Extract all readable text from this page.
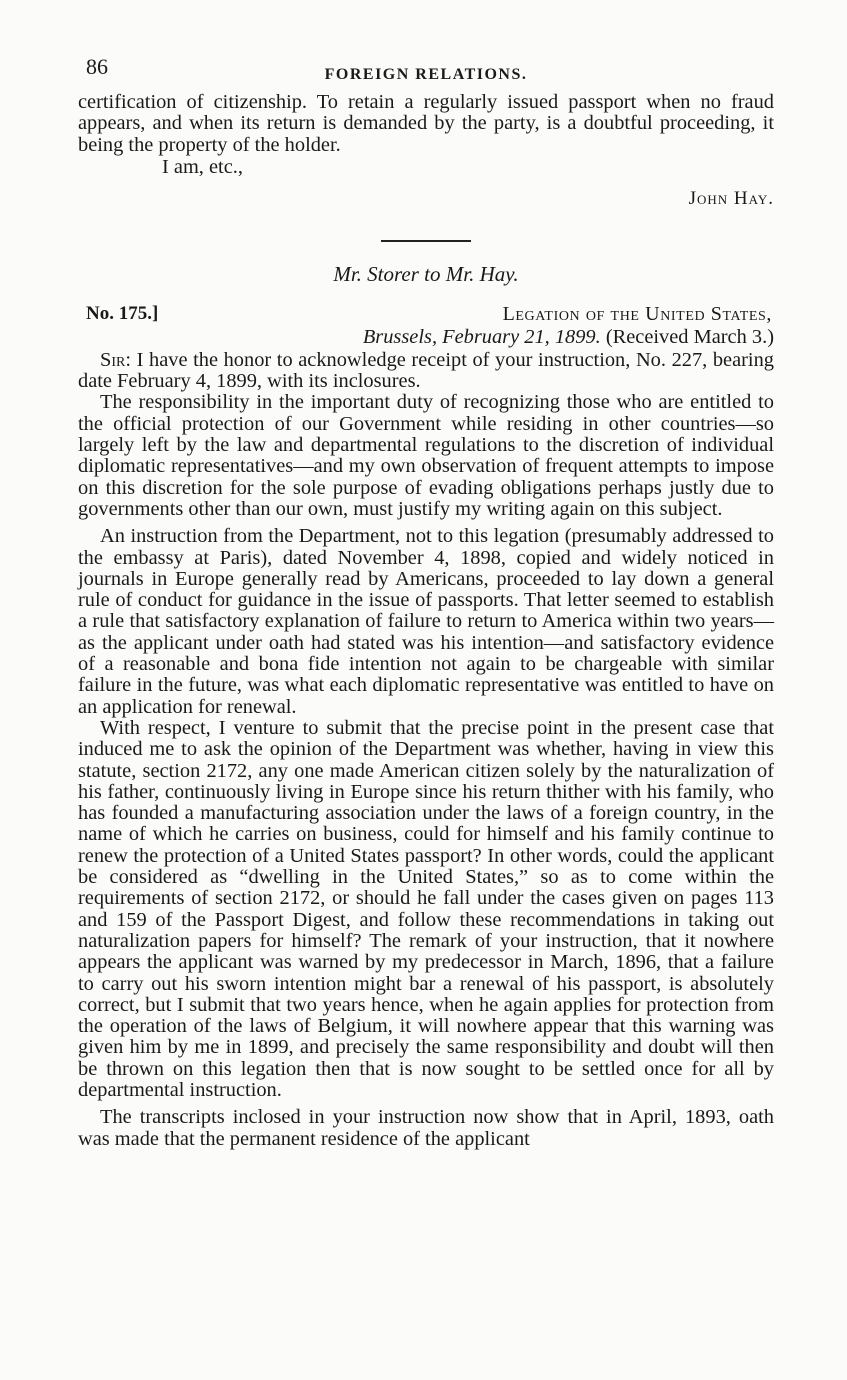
86	FOREIGN RELATIONS.

certification of citizenship. To retain a regularly issued passport when no fraud appears, and when its return is demanded by the party, is a doubtful proceeding, it being the property of the holder.

I am, etc.,
John Hay.
Mr. Storer to Mr. Hay.
No. 175.]	Legation of the United States,
Brussels, February 21, 1899. (Received March 3.)

Sir: I have the honor to acknowledge receipt of your instruction, No. 227, bearing date February 4, 1899, with its inclosures.

The responsibility in the important duty of recognizing those who are entitled to the official protection of our Government while residing in other countries—so largely left by the law and departmental regulations to the discretion of individual diplomatic representatives—and my own observation of frequent attempts to impose on this discretion for the sole purpose of evading obligations perhaps justly due to governments other than our own, must justify my writing again on this subject.

An instruction from the Department, not to this legation (presumably addressed to the embassy at Paris), dated November 4, 1898, copied and widely noticed in journals in Europe generally read by Americans, proceeded to lay down a general rule of conduct for guidance in the issue of passports. That letter seemed to establish a rule that satisfactory explanation of failure to return to America within two years—as the applicant under oath had stated was his intention—and satisfactory evidence of a reasonable and bona fide intention not again to be chargeable with similar failure in the future, was what each diplomatic representative was entitled to have on an application for renewal.

With respect, I venture to submit that the precise point in the present case that induced me to ask the opinion of the Department was whether, having in view this statute, section 2172, any one made American citizen solely by the naturalization of his father, continuously living in Europe since his return thither with his family, who has founded a manufacturing association under the laws of a foreign country, in the name of which he carries on business, could for himself and his family continue to renew the protection of a United States passport? In other words, could the applicant be considered as “dwelling in the United States,” so as to come within the requirements of section 2172, or should he fall under the cases given on pages 113 and 159 of the Passport Digest, and follow these recommendations in taking out naturalization papers for himself? The remark of your instruction, that it nowhere appears the applicant was warned by my predecessor in March, 1896, that a failure to carry out his sworn intention might bar a renewal of his passport, is absolutely correct, but I submit that two years hence, when he again applies for protection from the operation of the laws of Belgium, it will nowhere appear that this warning was given him by me in 1899, and precisely the same responsibility and doubt will then be thrown on this legation then that is now sought to be settled once for all by departmental instruction.

The transcripts inclosed in your instruction now show that in April, 1893, oath was made that the permanent residence of the applicant
